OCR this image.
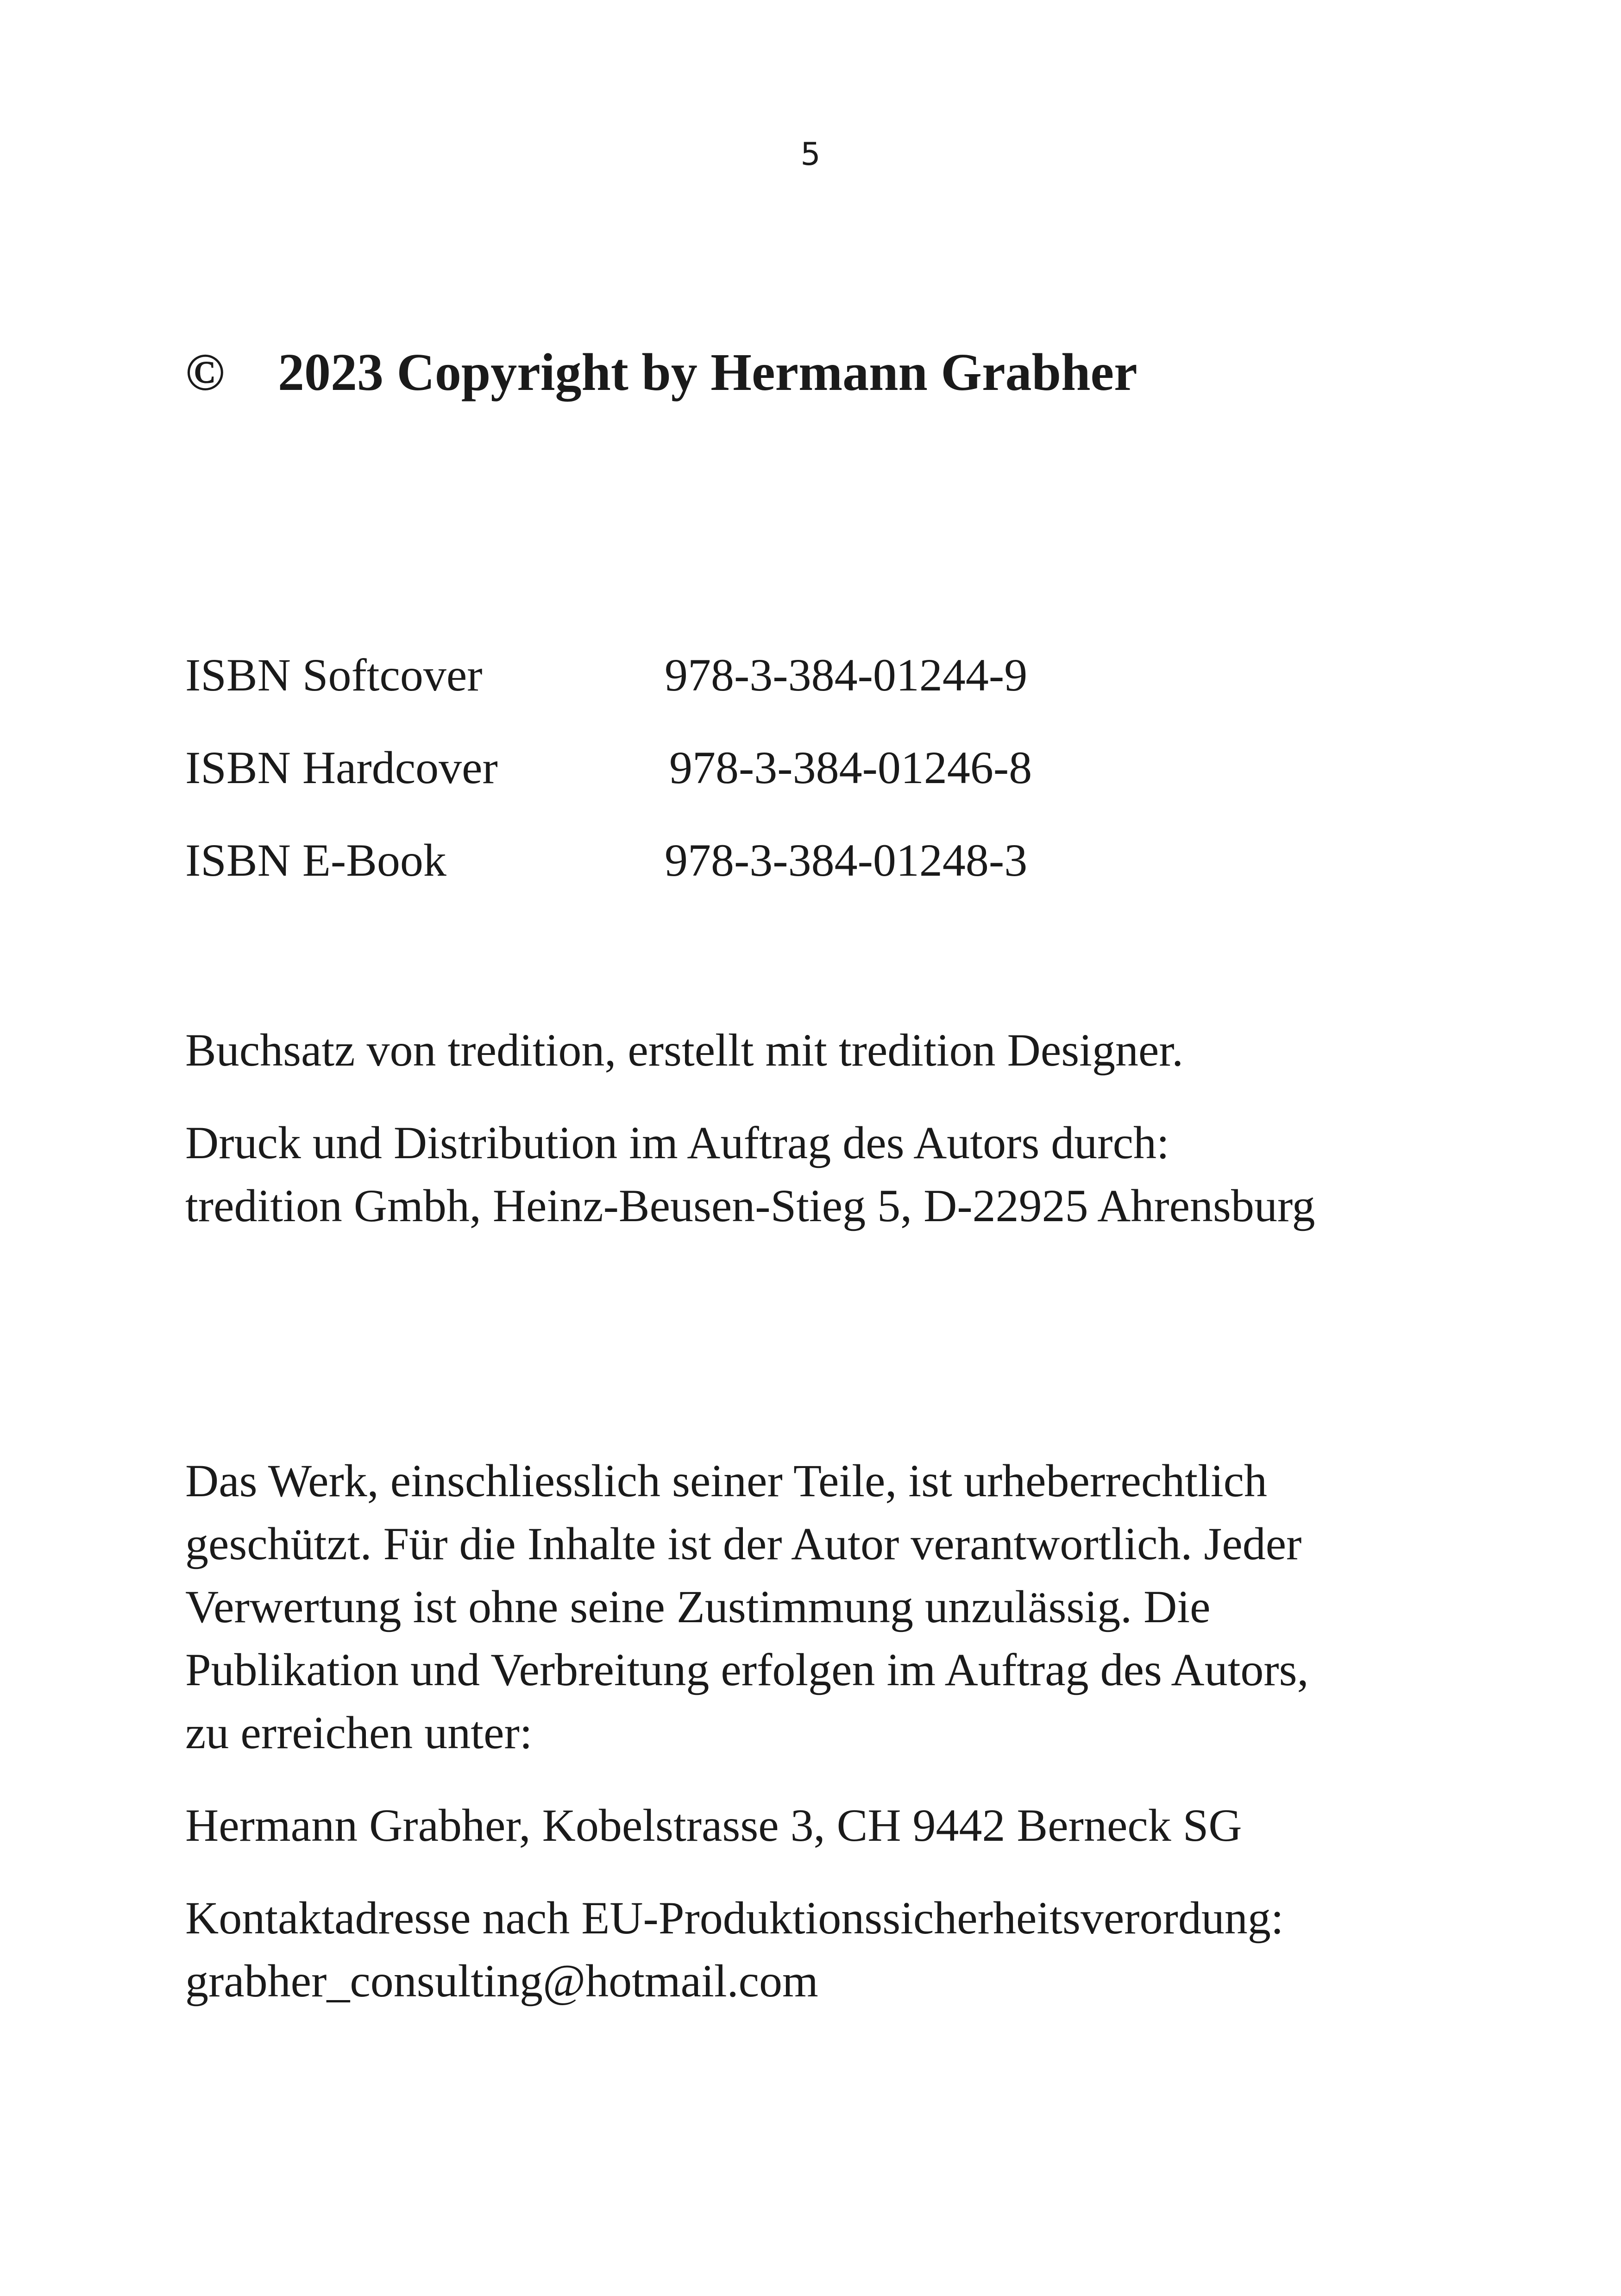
5
© 2023 Copyright by Hermann Grabher
ISBN Softcover	978-3-384-01244-9
ISBN Hardcover	978-3-384-01246-8
ISBN E-Book	978-3-384-01248-3

Buchsatz von tredition, erstellt mit tredition Designer.

Druck und Distribution im Auftrag des Autors durch:

tredition Gmbh, Heinz-Beusen-Stieg 5, D-22925 Ahrensburg

Das Werk, einschliesslich seiner Teile, ist urheberrechtlich

geschützt. Für die Inhalte ist der Autor verantwortlich. Jeder

Verwertung ist ohne seine Zustimmung unzulässig. Die

Publikation und Verbreitung erfolgen im Auftrag des Autors,

zu erreichen unter:

Hermann Grabher, Kobelstrasse 3, CH 9442 Berneck SG

Kontaktadresse nach EU-Produktionssicherheitsverordung:

grabher_consulting@hotmail.com
